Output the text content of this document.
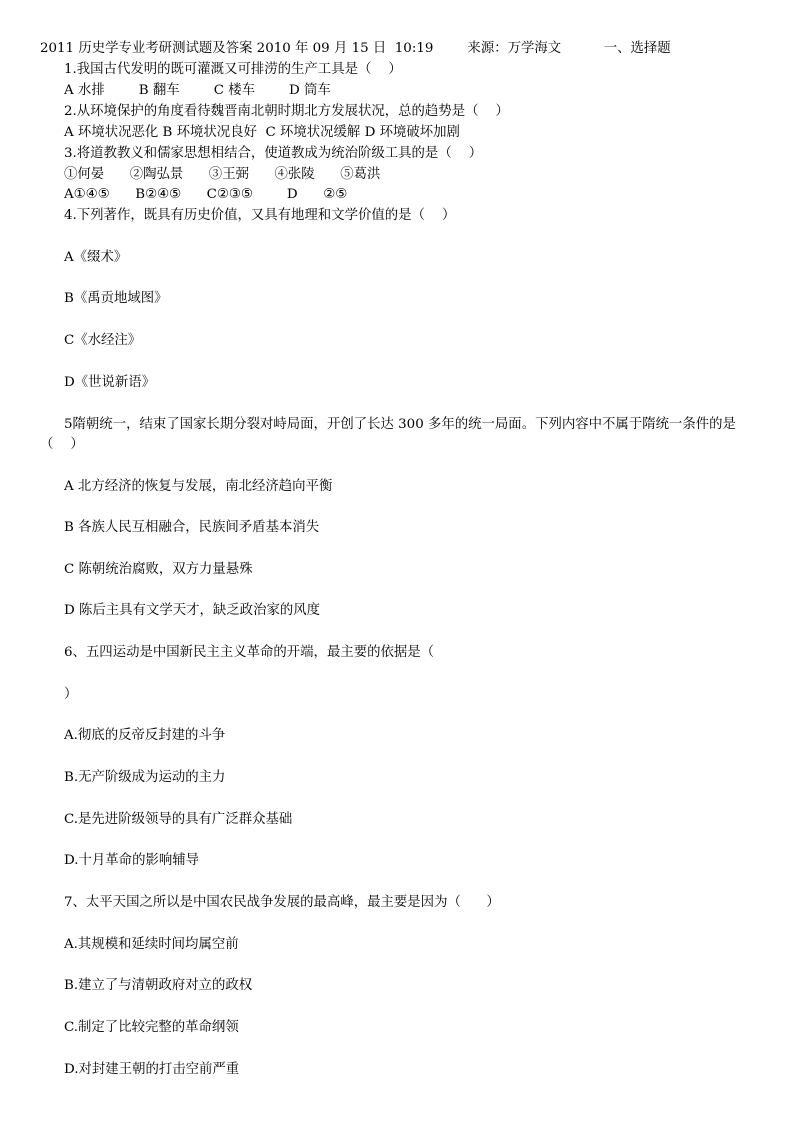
2011 历史学专业考研测试题及答案 2010 年 09 月 15 日  10:19        来源：万学海文          一、选择题
1.我国古代发明的既可灌溉又可排涝的生产工具是（    ）
A 水排        B 翻车        C 楼车        D 筒车
2.从环境保护的角度看待魏晋南北朝时期北方发展状况，总的趋势是（    ）
A 环境状况恶化 B 环境状况良好  C 环境状况缓解 D 环境破坏加剧
3.将道教教义和儒家思想相结合，使道教成为统治阶级工具的是（    ）
①何晏      ②陶弘景      ③王弼      ④张陵      ⑤葛洪
A①④⑤      B②④⑤      C②③⑤        D      ②⑤
4.下列著作，既具有历史价值，又具有地理和文学价值的是（    ）
A《缀术》
B《禹贡地域图》
C《水经注》
D《世说新语》
5隋朝统一，结束了国家长期分裂对峙局面，开创了长达 300 多年的统一局面。下列内容中不属于隋统一条件的是
（    ）
A 北方经济的恢复与发展，南北经济趋向平衡
B 各族人民互相融合，民族间矛盾基本消失
C 陈朝统治腐败，双方力量悬殊
D 陈后主具有文学天才，缺乏政治家的风度
6、五四运动是中国新民主主义革命的开端，最主要的依据是（
）
A.彻底的反帝反封建的斗争
B.无产阶级成为运动的主力
C.是先进阶级领导的具有广泛群众基础
D.十月革命的影响辅导
7、太平天国之所以是中国农民战争发展的最高峰，最主要是因为（      ）
A.其规模和延续时间均属空前
B.建立了与清朝政府对立的政权
C.制定了比较完整的革命纲领
D.对封建王朝的打击空前严重
